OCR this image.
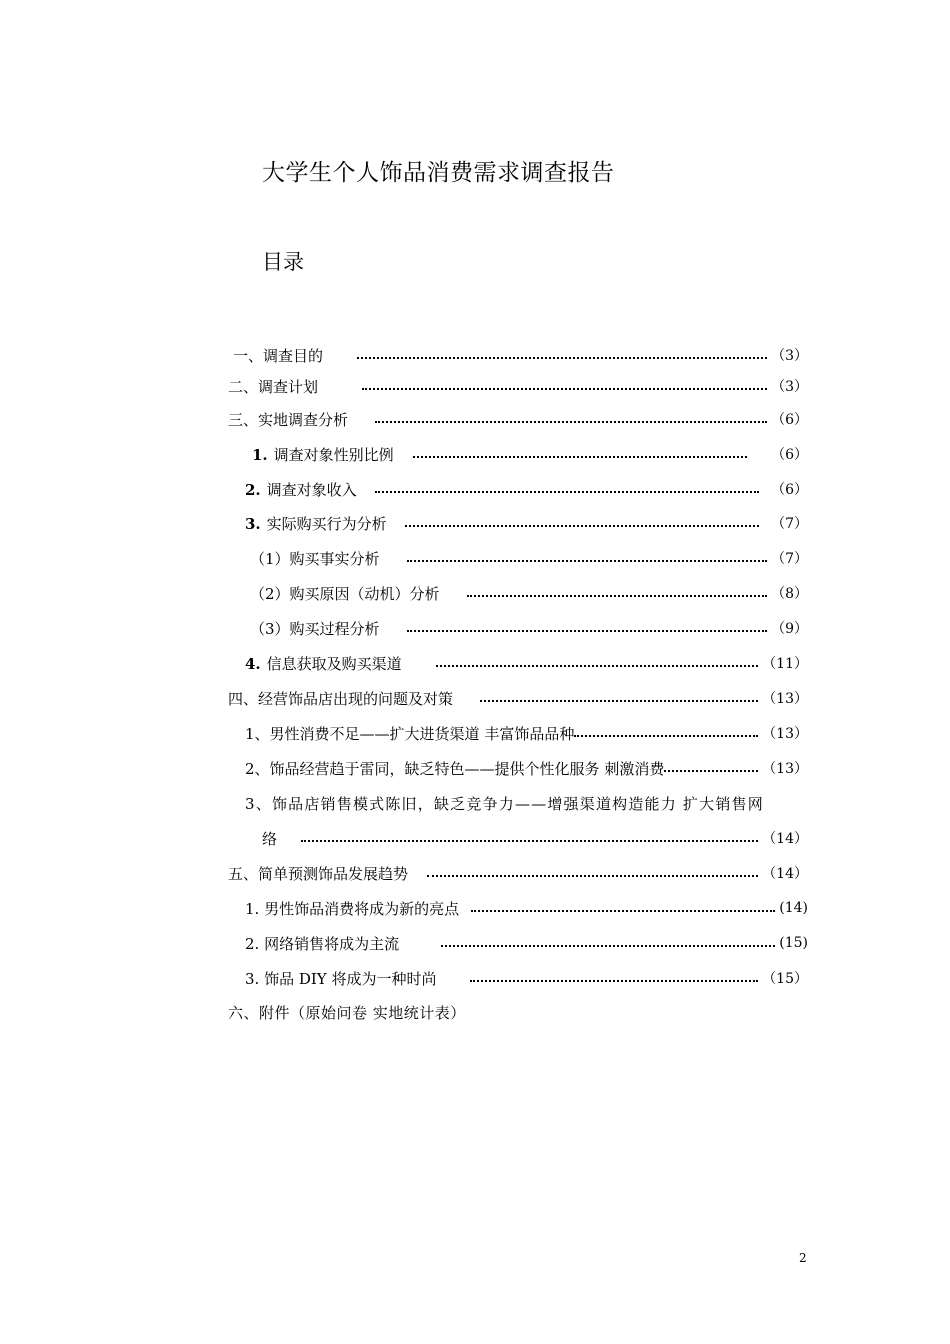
大学生个人饰品消费需求调查报告
目录
一、调查目的	（3）
二、调查计划	（3）
三、实地调查分析	（6）
1. 调查对象性别比例	（6）
2. 调查对象收入	（6）
3. 实际购买行为分析	（7）
（1）购买事实分析	（7）
（2）购买原因（动机）分析	（8）
（3）购买过程分析	（9）
4. 信息获取及购买渠道	（11）
四、经营饰品店出现的问题及对策	（13）
1、男性消费不足——扩大进货渠道 丰富饰品品种	（13）
2、饰品经营趋于雷同，缺乏特色——提供个性化服务 刺激消费	（13）
3、饰品店销售模式陈旧，缺乏竞争力——增强渠道构造能力 扩大销售网
络	（14）
五、简单预测饰品发展趋势	（14）
1. 男性饰品消费将成为新的亮点	(14)
2. 网络销售将成为主流	(15)
3. 饰品 DIY 将成为一种时尚	（15）
六、附件（原始问卷 实地统计表）
2
